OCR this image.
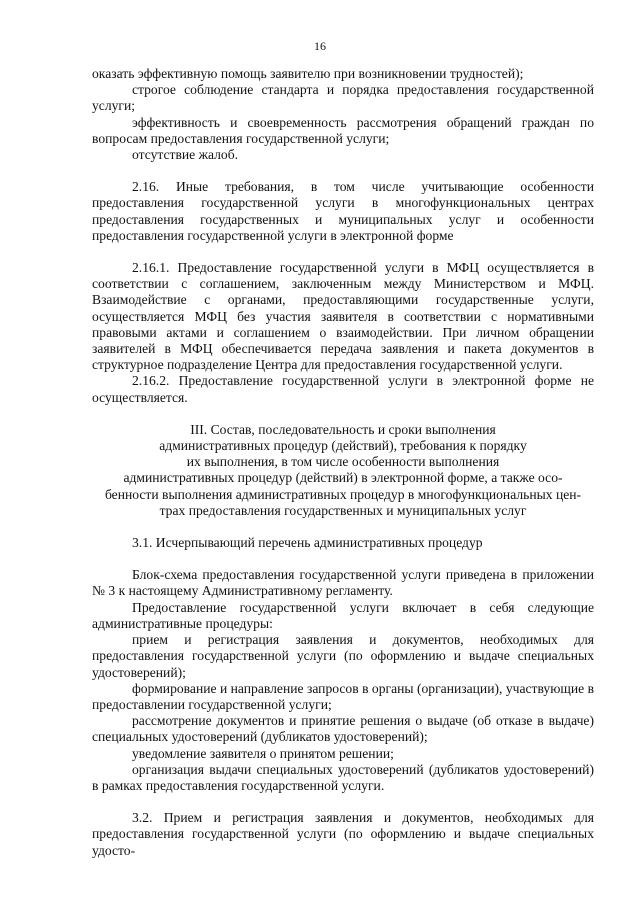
16

оказать эффективную помощь заявителю при возникновении трудностей);

строгое соблюдение стандарта и порядка предоставления государственной услуги;

эффективность и своевременность рассмотрения обращений граждан по вопросам предоставления государственной услуги;

отсутствие жалоб.

2.16. Иные требования, в том числе учитывающие особенности предоставления государственной услуги в многофункциональных центрах предоставления государственных и муниципальных услуг и особенности предоставления государственной услуги в электронной форме

2.16.1. Предоставление государственной услуги в МФЦ осуществляется в соответствии с соглашением, заключенным между Министерством и МФЦ. Взаимодействие с органами, предоставляющими государственные услуги, осуществляется МФЦ без участия заявителя в соответствии с нормативными правовыми актами и соглашением о взаимодействии. При личном обращении заявителей в МФЦ обеспечивается передача заявления и пакета документов в структурное подразделение Центра для предоставления государственной услуги.

2.16.2. Предоставление государственной услуги в электронной форме не осуществляется.

III. Состав, последовательность и сроки выполнения

административных процедур (действий), требования к порядку

их выполнения, в том числе особенности выполнения

административных процедур (действий) в электронной форме, а также осо-

бенности выполнения административных процедур в многофункциональных цен-

трах предоставления государственных и муниципальных услуг

3.1. Исчерпывающий перечень административных процедур

Блок-схема предоставления государственной услуги приведена в приложении № 3 к настоящему Административному регламенту.

Предоставление государственной услуги включает в себя следующие административные процедуры:

прием и регистрация заявления и документов, необходимых для предоставления государственной услуги (по оформлению и выдаче специальных удостоверений);

формирование и направление запросов в органы (организации), участвующие в предоставлении государственной услуги;

рассмотрение документов и принятие решения о выдаче (об отказе в выдаче) специальных удостоверений (дубликатов удостоверений);

уведомление заявителя о принятом решении;

организация выдачи специальных удостоверений (дубликатов удостоверений) в рамках предоставления государственной услуги.

3.2. Прием и регистрация заявления и документов, необходимых для предоставления государственной услуги (по оформлению и выдаче специальных удосто-
